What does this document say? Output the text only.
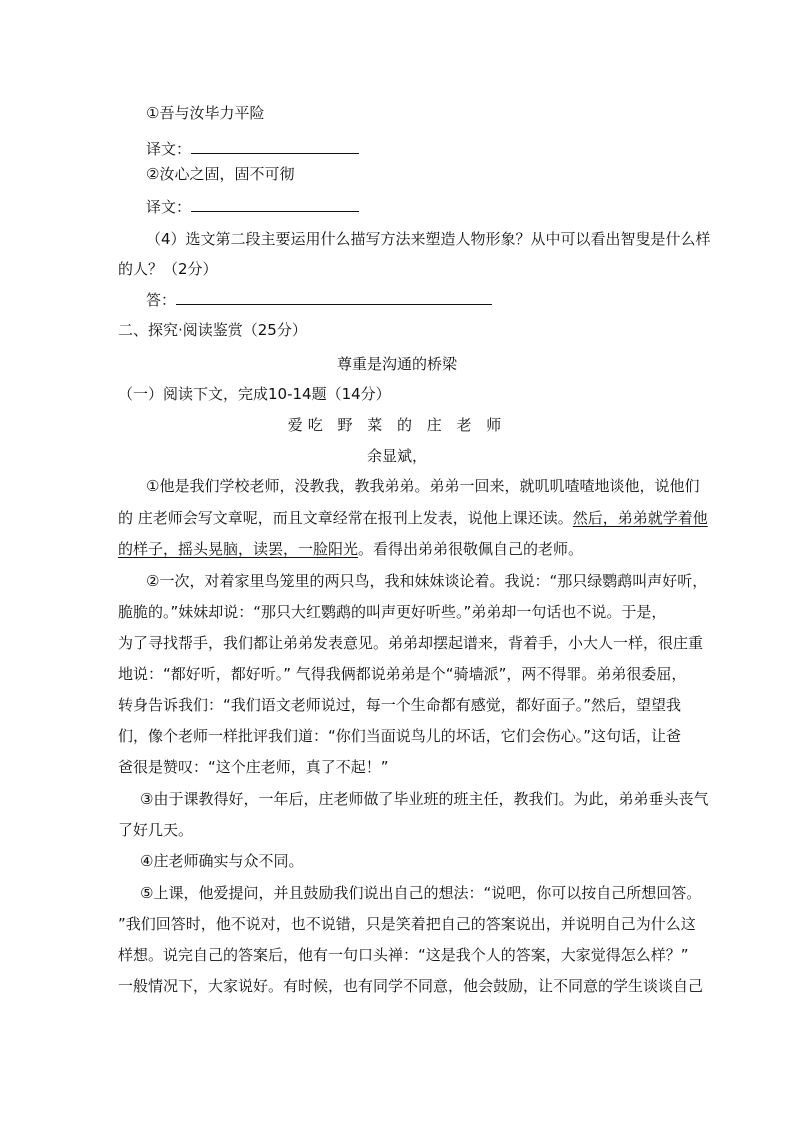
①吾与汝毕力平险
译文：
②汝心之固，固不可彻
译文：
（4）选文第二段主要运用什么描写方法来塑造人物形象？从中可以看出智叟是什么样
的人？（2分）
答：
二、探究·阅读鉴赏（25分）
尊重是沟通的桥梁
（一）阅读下文，完成10-14题（14分）
爱吃 野 菜 的 庄 老 师
余显斌，
①他是我们学校老师，没教我，教我弟弟。弟弟一回来，就叽叽喳喳地谈他，说他们
的 庄老师会写文章呢，而且文章经常在报刊上发表，说他上课还读。然后，弟弟就学着他
的样子，摇头晃脑，读罢，一脸阳光。看得出弟弟很敬佩自己的老师。
②一次，对着家里鸟笼里的两只鸟，我和妹妹谈论着。我说：“那只绿鹦鹉叫声好听，
脆脆的。”妹妹却说：“那只大红鹦鹉的叫声更好听些。”弟弟却一句话也不说。于是，
为了寻找帮手，我们都让弟弟发表意见。弟弟却摆起谱来，背着手，小大人一样，很庄重
地说：“都好听，都好听。” 气得我俩都说弟弟是个“骑墙派”，两不得罪。弟弟很委屈，
转身告诉我们：“我们语文老师说过，每一个生命都有感觉，都好面子。”然后，望望我
们，像个老师一样批评我们道：“你们当面说鸟儿的坏话，它们会伤心。”这句话，让爸
爸很是赞叹：“这个庄老师，真了不起！”
③由于课教得好，一年后，庄老师做了毕业班的班主任，教我们。为此，弟弟垂头丧气
了好几天。
④庄老师确实与众不同。
⑤上课，他爱提问，并且鼓励我们说出自己的想法：“说吧，你可以按自己所想回答。
”我们回答时，他不说对，也不说错，只是笑着把自己的答案说出，并说明自己为什么这
样想。说完自己的答案后，他有一句口头禅：“这是我个人的答案，大家觉得怎么样？”
一般情况下，大家说好。有时候，也有同学不同意，他会鼓励，让不同意的学生谈谈自己
